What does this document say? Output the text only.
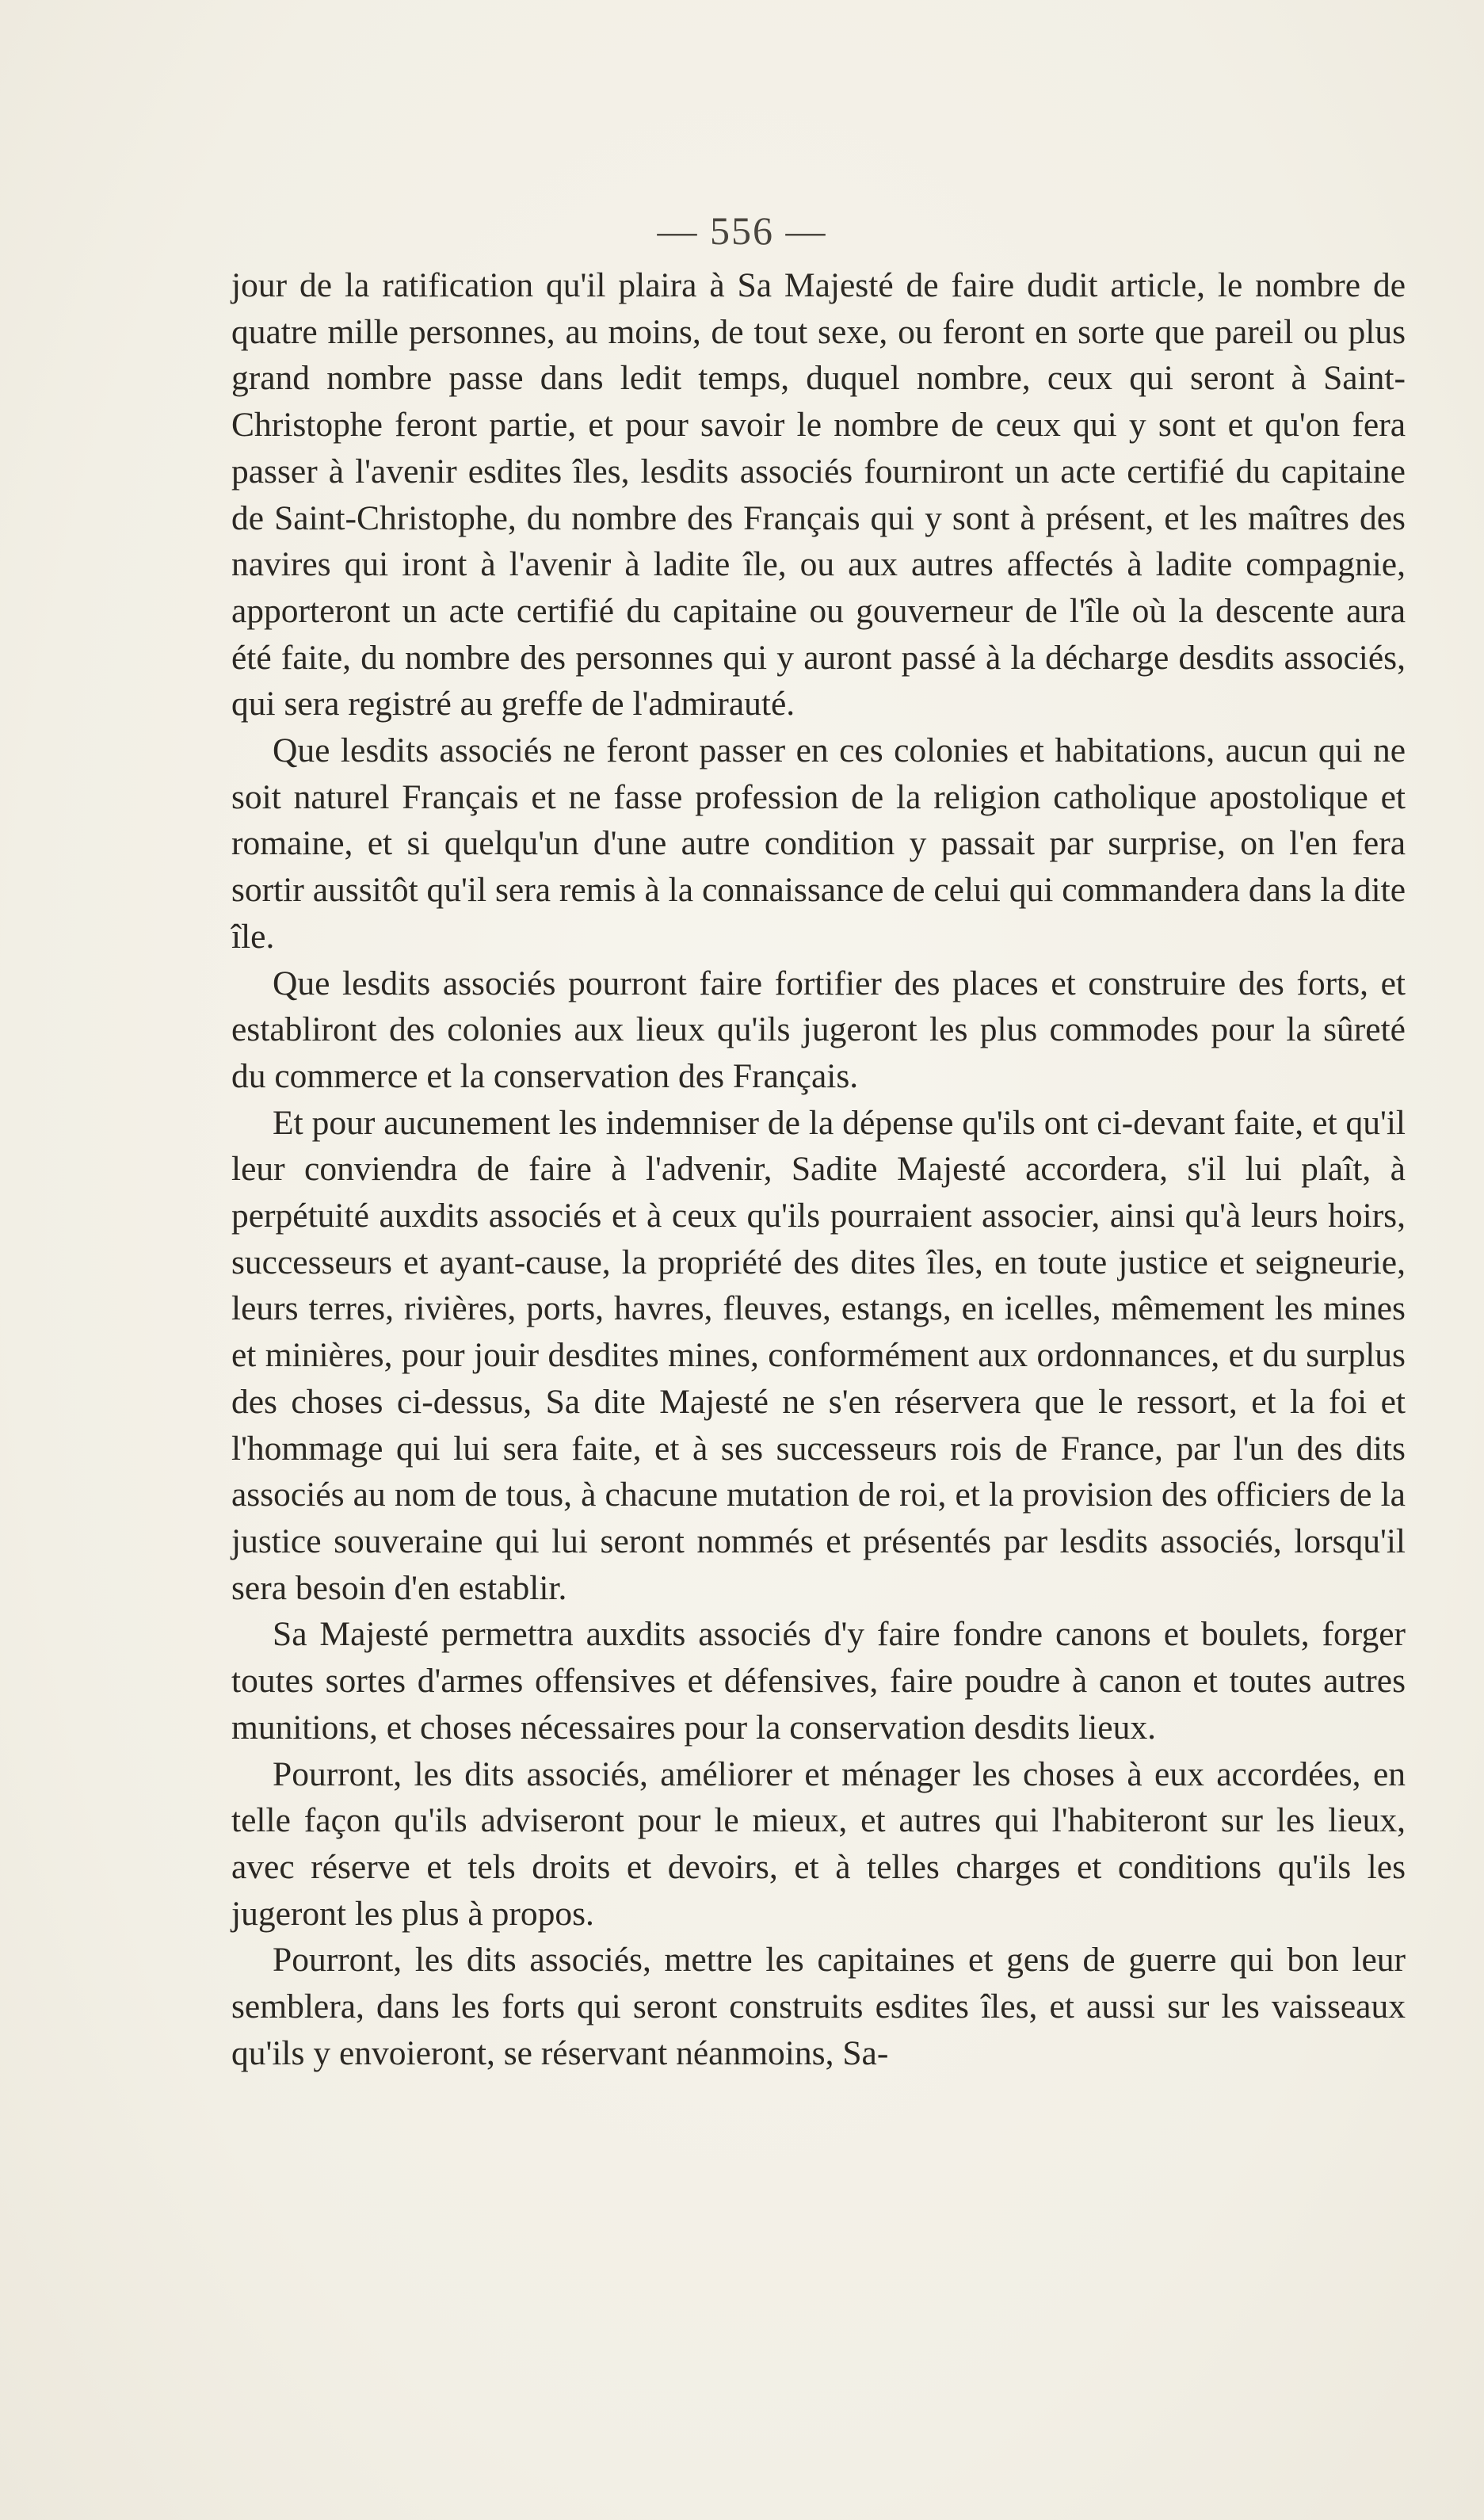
— 556 —

jour de la ratification qu'il plaira à Sa Majesté de faire dudit article, le nombre de quatre mille personnes, au moins, de tout sexe, ou feront en sorte que pareil ou plus grand nombre passe dans ledit temps, duquel nombre, ceux qui seront à Saint-Christophe feront partie, et pour savoir le nombre de ceux qui y sont et qu'on fera passer à l'avenir esdites îles, lesdits associés fourniront un acte certifié du capitaine de Saint-Christophe, du nombre des Français qui y sont à présent, et les maîtres des navires qui iront à l'avenir à ladite île, ou aux autres affectés à ladite compagnie, apporteront un acte certifié du capitaine ou gouverneur de l'île où la descente aura été faite, du nombre des personnes qui y auront passé à la décharge desdits associés, qui sera registré au greffe de l'admirauté.

Que lesdits associés ne feront passer en ces colonies et habitations, aucun qui ne soit naturel Français et ne fasse profession de la religion catholique apostolique et romaine, et si quelqu'un d'une autre condition y passait par surprise, on l'en fera sortir aussitôt qu'il sera remis à la connaissance de celui qui commandera dans la dite île.

Que lesdits associés pourront faire fortifier des places et construire des forts, et establiront des colonies aux lieux qu'ils jugeront les plus commodes pour la sûreté du commerce et la conservation des Français.

Et pour aucunement les indemniser de la dépense qu'ils ont ci-devant faite, et qu'il leur conviendra de faire à l'advenir, Sadite Majesté accordera, s'il lui plaît, à perpétuité auxdits associés et à ceux qu'ils pourraient associer, ainsi qu'à leurs hoirs, successeurs et ayant-cause, la propriété des dites îles, en toute justice et seigneurie, leurs terres, rivières, ports, havres, fleuves, estangs, en icelles, mêmement les mines et minières, pour jouir desdites mines, conformément aux ordonnances, et du surplus des choses ci-dessus, Sa dite Majesté ne s'en réservera que le ressort, et la foi et l'hommage qui lui sera faite, et à ses successeurs rois de France, par l'un des dits associés au nom de tous, à chacune mutation de roi, et la provision des officiers de la justice souveraine qui lui seront nommés et présentés par lesdits associés, lorsqu'il sera besoin d'en establir.

Sa Majesté permettra auxdits associés d'y faire fondre canons et boulets, forger toutes sortes d'armes offensives et défensives, faire poudre à canon et toutes autres munitions, et choses nécessaires pour la conservation desdits lieux.

Pourront, les dits associés, améliorer et ménager les choses à eux accordées, en telle façon qu'ils adviseront pour le mieux, et autres qui l'habiteront sur les lieux, avec réserve et tels droits et devoirs, et à telles charges et conditions qu'ils les jugeront les plus à propos.

Pourront, les dits associés, mettre les capitaines et gens de guerre qui bon leur semblera, dans les forts qui seront construits esdites îles, et aussi sur les vaisseaux qu'ils y envoieront, se réservant néanmoins, Sa-
